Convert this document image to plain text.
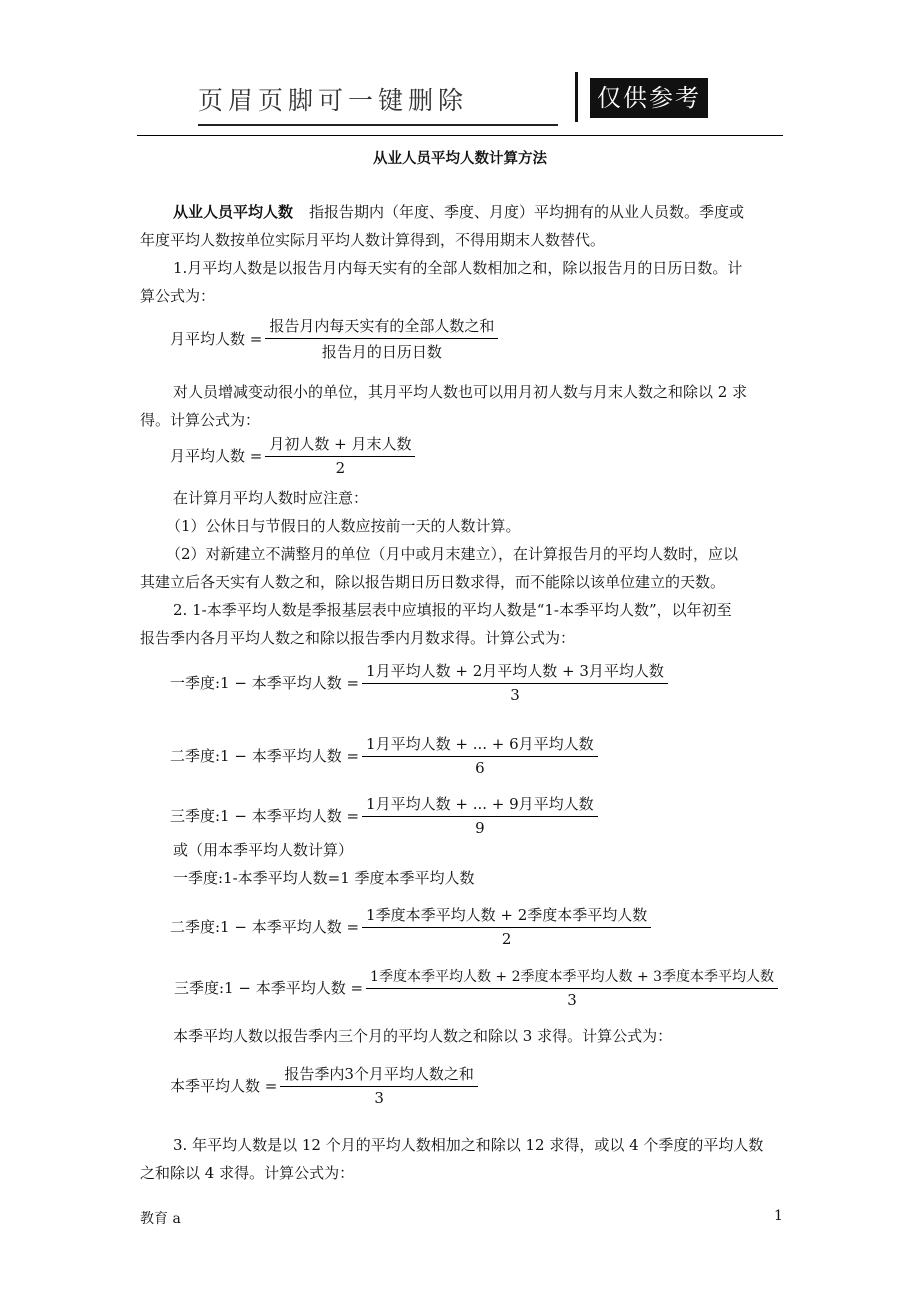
页眉页脚可一键删除	仅供参考
从业人员平均人数计算方法
从业人员平均人数 指报告期内（年度、季度、月度）平均拥有的从业人员数。季度或
年度平均人数按单位实际月平均人数计算得到，不得用期末人数替代。
1.月平均人数是以报告月内每天实有的全部人数相加之和，除以报告月的日历日数。计
算公式为：
月平均人数 = $\frac{\text{报告月内每天实有的全部人数之和}}{\text{报告月的日历日数}}$
对人员增减变动很小的单位，其月平均人数也可以用月初人数与月末人数之和除以 2 求
得。计算公式为：
月平均人数 = $\frac{\text{月初人数 + 月末人数}}{2}$
在计算月平均人数时应注意：
（1）公休日与节假日的人数应按前一天的人数计算。
（2）对新建立不满整月的单位（月中或月末建立），在计算报告月的平均人数时，应以
其建立后各天实有人数之和，除以报告期日历日数求得，而不能除以该单位建立的天数。
2. 1-本季平均人数是季报基层表中应填报的平均人数是“1-本季平均人数”，以年初至
报告季内各月平均人数之和除以报告季内月数求得。计算公式为：
一季度:1 − 本季平均人数 = $\frac{\text{1月平均人数 + 2月平均人数 + 3月平均人数}}{3}$
二季度:1 − 本季平均人数 = $\frac{\text{1月平均人数 + ... + 6月平均人数}}{6}$
三季度:1 − 本季平均人数 = $\frac{\text{1月平均人数 + ... + 9月平均人数}}{9}$
或（用本季平均人数计算）
一季度:1-本季平均人数=1 季度本季平均人数
二季度:1 − 本季平均人数 = $\frac{\text{1季度本季平均人数 + 2季度本季平均人数}}{2}$
三季度:1 − 本季平均人数 = $\frac{\text{1季度本季平均人数 + 2季度本季平均人数 + 3季度本季平均人数}}{3}$
本季平均人数以报告季内三个月的平均人数之和除以 3 求得。计算公式为：
本季平均人数 = $\frac{\text{报告季内3个月平均人数之和}}{3}$
3. 年平均人数是以 12 个月的平均人数相加之和除以 12 求得，或以 4 个季度的平均人数
之和除以 4 求得。计算公式为：
教育 a	1
